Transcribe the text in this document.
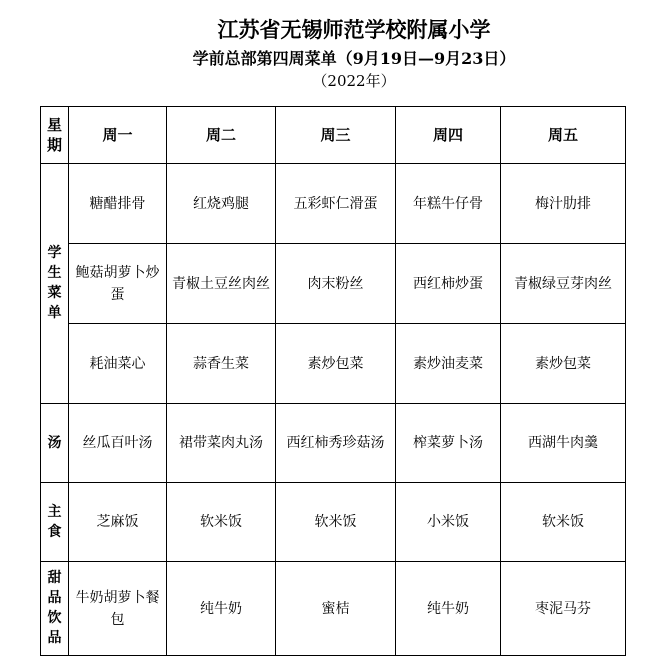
江苏省无锡师范学校附属小学
学前总部第四周菜单（9月19日—9月23日）
（2022年）
星期	周一	周二	周三	周四	周五
学生菜单	糖醋排骨	红烧鸡腿	五彩虾仁滑蛋	年糕牛仔骨	梅汁肋排
	鲍菇胡萝卜炒蛋	青椒土豆丝肉丝	肉末粉丝	西红柿炒蛋	青椒绿豆芽肉丝
	耗油菜心	蒜香生菜	素炒包菜	素炒油麦菜	素炒包菜
汤	丝瓜百叶汤	裙带菜肉丸汤	西红柿秀珍菇汤	榨菜萝卜汤	西湖牛肉羹
主食	芝麻饭	软米饭	软米饭	小米饭	软米饭
甜品饮品	牛奶胡萝卜餐包	纯牛奶	蜜桔	纯牛奶	枣泥马芬
